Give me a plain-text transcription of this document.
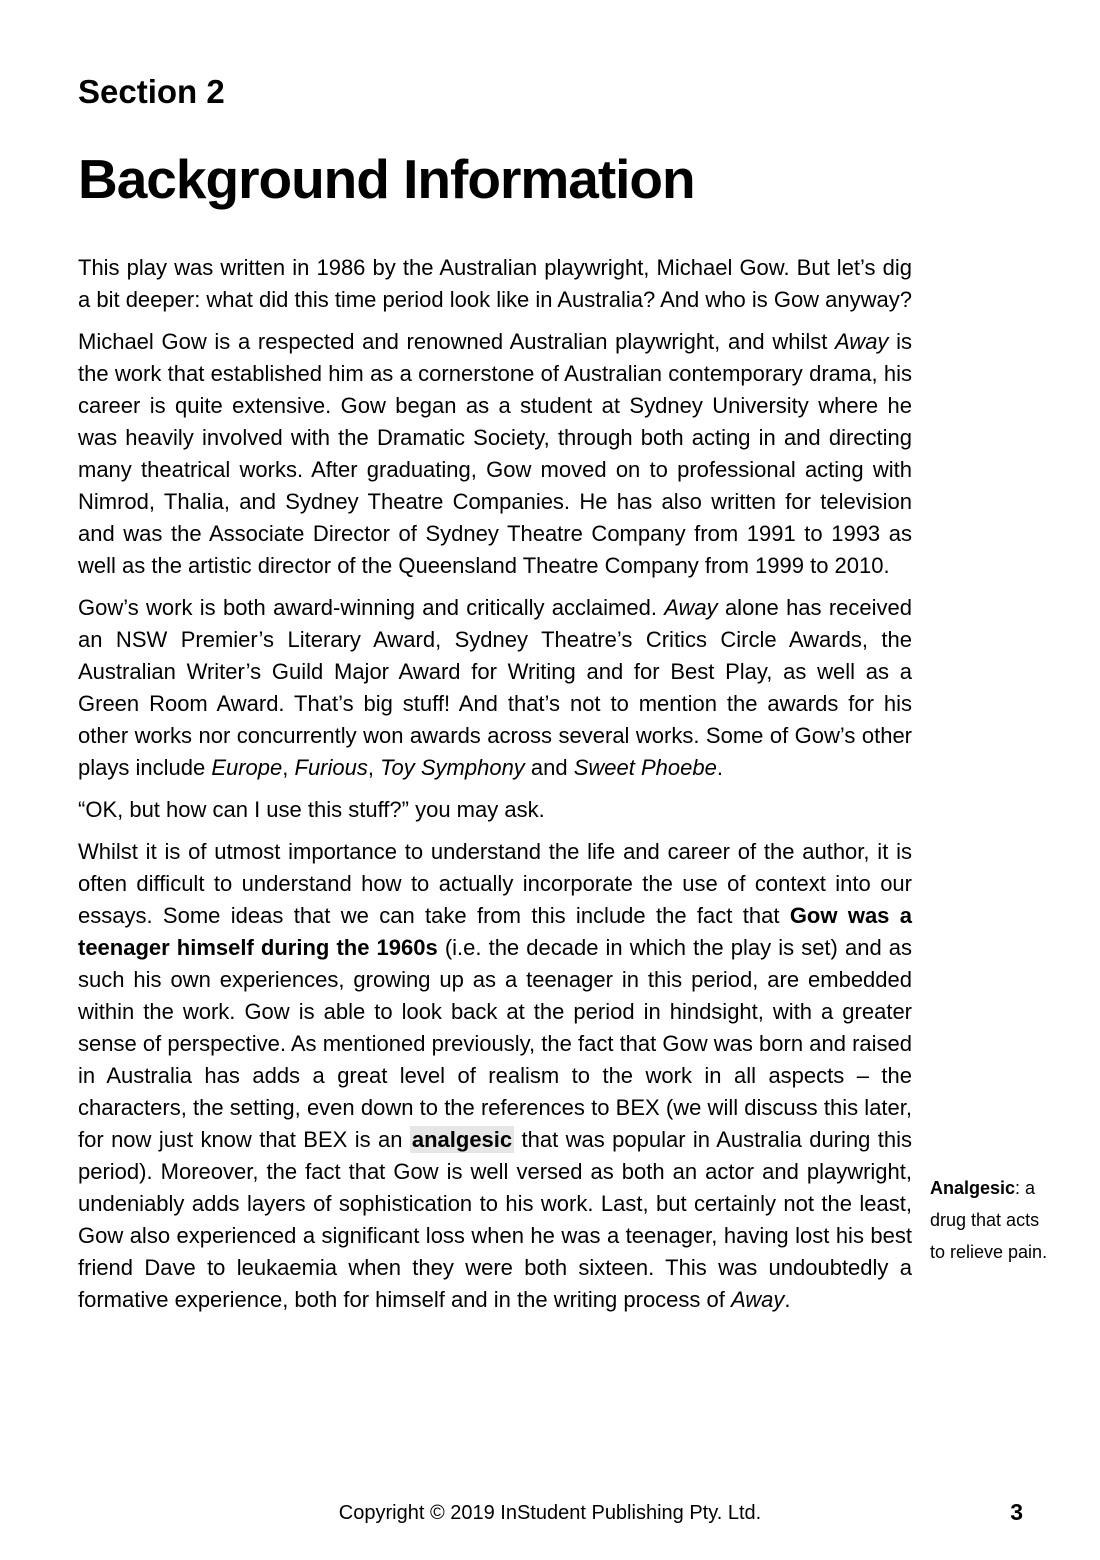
Section 2
Background Information

This play was written in 1986 by the Australian playwright, Michael Gow. But let’s dig a bit deeper: what did this time period look like in Australia? And who is Gow anyway?

Michael Gow is a respected and renowned Australian playwright, and whilst Away is the work that established him as a cornerstone of Australian contemporary drama, his career is quite extensive. Gow began as a student at Sydney University where he was heavily involved with the Dramatic Society, through both acting in and directing many theatrical works. After graduating, Gow moved on to professional acting with Nimrod, Thalia, and Sydney Theatre Companies. He has also written for television and was the Associate Director of Sydney Theatre Company from 1991 to 1993 as well as the artistic director of the Queensland Theatre Company from 1999 to 2010.

Gow’s work is both award-winning and critically acclaimed. Away alone has received an NSW Premier’s Literary Award, Sydney Theatre’s Critics Circle Awards, the Australian Writer’s Guild Major Award for Writing and for Best Play, as well as a Green Room Award. That’s big stuff! And that’s not to mention the awards for his other works nor concurrently won awards across several works. Some of Gow’s other plays include Europe, Furious, Toy Symphony and Sweet Phoebe.

“OK, but how can I use this stuff?” you may ask.

Whilst it is of utmost importance to understand the life and career of the author, it is often difficult to understand how to actually incorporate the use of context into our essays. Some ideas that we can take from this include the fact that Gow was a teenager himself during the 1960s (i.e. the decade in which the play is set) and as such his own experiences, growing up as a teenager in this period, are embedded within the work. Gow is able to look back at the period in hindsight, with a greater sense of perspective. As mentioned previously, the fact that Gow was born and raised in Australia has adds a great level of realism to the work in all aspects – the characters, the setting, even down to the references to BEX (we will discuss this later, for now just know that BEX is an analgesic that was popular in Australia during this period). Moreover, the fact that Gow is well versed as both an actor and playwright, undeniably adds layers of sophistication to his work. Last, but certainly not the least, Gow also experienced a significant loss when he was a teenager, having lost his best friend Dave to leukaemia when they were both sixteen. This was undoubtedly a formative experience, both for himself and in the writing process of Away.

Analgesic: a drug that acts to relieve pain.
Copyright © 2019 InStudent Publishing Pty. Ltd.	3
